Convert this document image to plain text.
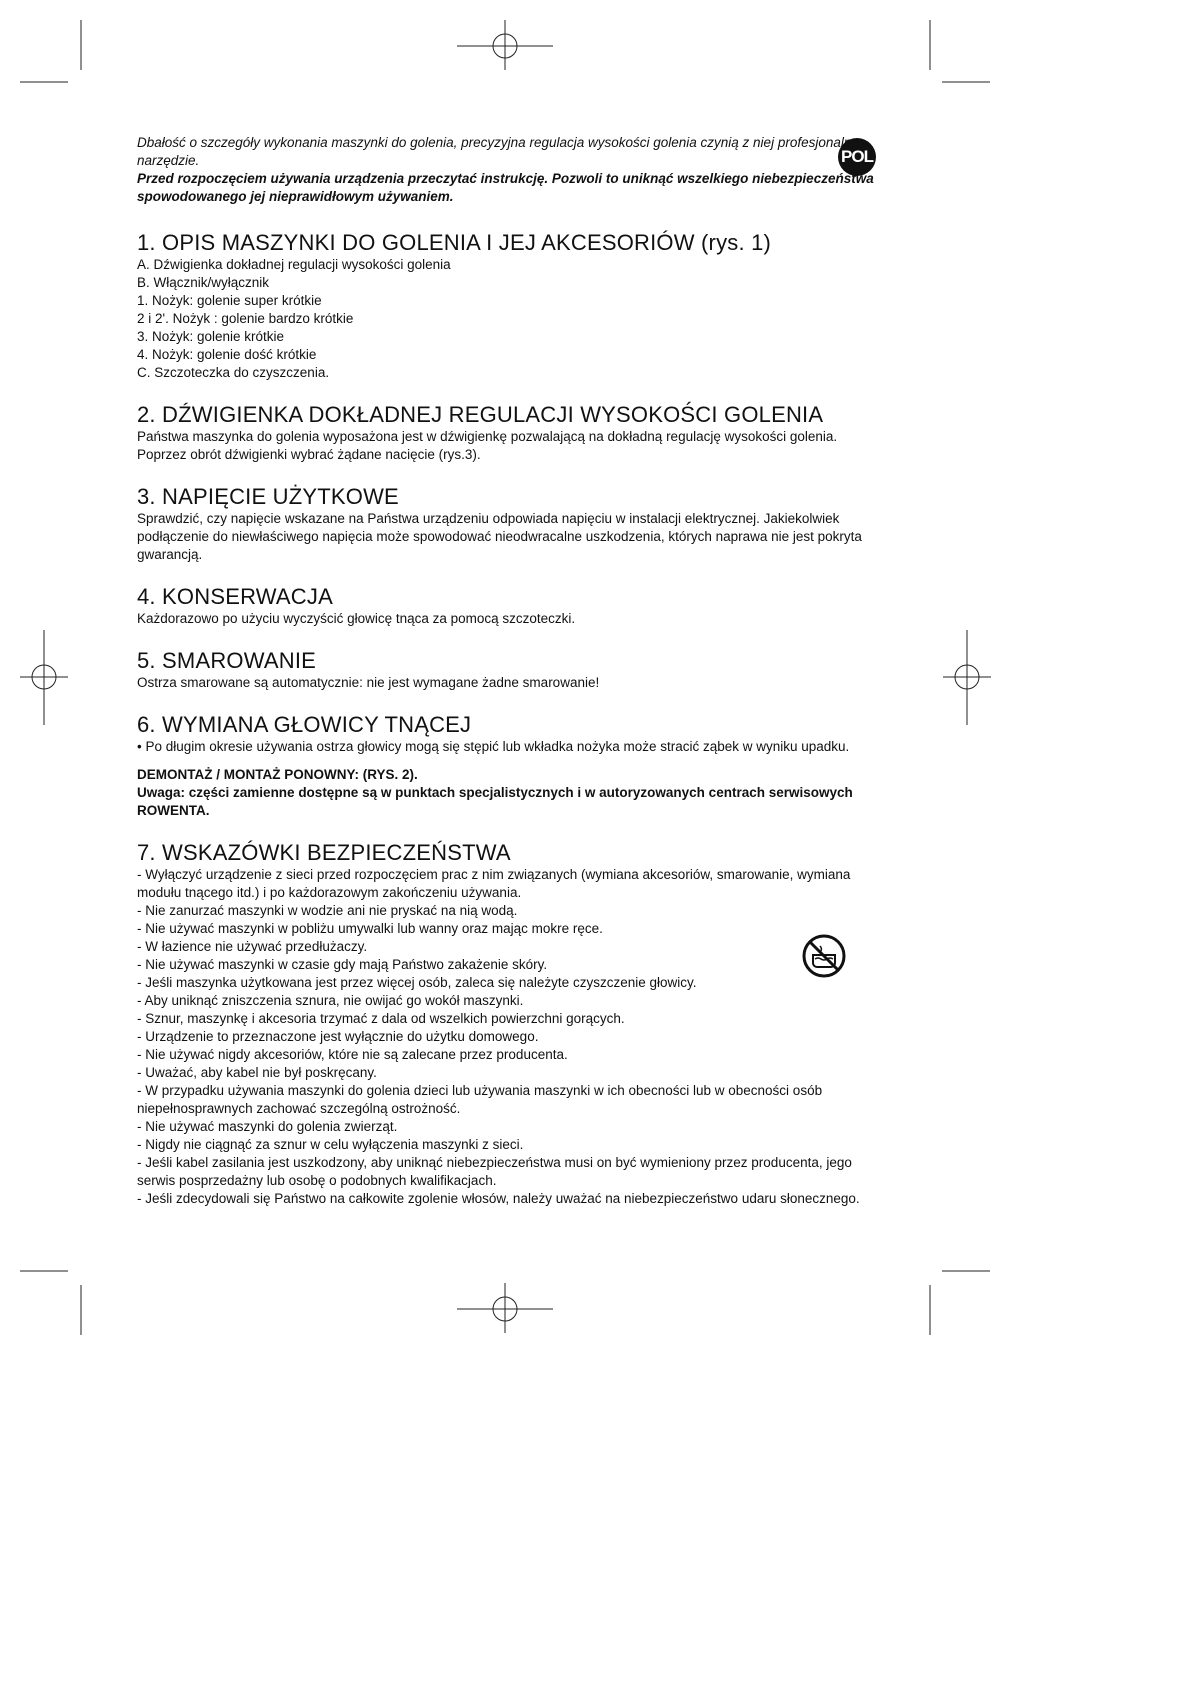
POL

Dbałość o szczegóły wykonania maszynki do golenia, precyzyjna regulacja wysokości golenia czynią z niej profesjonalne narzędzie.

Przed rozpoczęciem używania urządzenia przeczytać instrukcję. Pozwoli to uniknąć wszelkiego niebezpieczeństwa spowodowanego jej nieprawidłowym używaniem.

1. OPIS MASZYNKI DO GOLENIA I JEJ AKCESORIÓW (rys. 1)
A. Dźwigienka dokładnej regulacji wysokości golenia
B. Włącznik/wyłącznik
1. Nożyk: golenie super krótkie
2 i 2'. Nożyk : golenie bardzo krótkie
3. Nożyk: golenie krótkie
4. Nożyk: golenie dość krótkie
C. Szczoteczka do czyszczenia.
2. DŹWIGIENKA DOKŁADNEJ REGULACJI WYSOKOŚCI GOLENIA

Państwa maszynka do golenia wyposażona jest w dźwigienkę pozwalającą na dokładną regulację wysokości golenia. Poprzez obrót dźwigienki wybrać żądane nacięcie (rys.3).

3. NAPIĘCIE UŻYTKOWE

Sprawdzić, czy napięcie wskazane na Państwa urządzeniu odpowiada napięciu w instalacji elektrycznej. Jakiekolwiek podłączenie do niewłaściwego napięcia może spowodować nieodwracalne uszkodzenia, których naprawa nie jest pokryta gwarancją.

4. KONSERWACJA

Każdorazowo po użyciu wyczyścić głowicę tnąca za pomocą szczoteczki.

5. SMAROWANIE

Ostrza smarowane są automatycznie: nie jest wymagane żadne smarowanie!

6. WYMIANA GŁOWICY TNĄCEJ

• Po długim okresie używania ostrza głowicy mogą się stępić lub wkładka nożyka może stracić ząbek w wyniku upadku.

DEMONTAŻ / MONTAŻ PONOWNY: (RYS. 2).

Uwaga: części zamienne dostępne są w punktach specjalistycznych i w autoryzowanych centrach serwisowych ROWENTA.

7. WSKAZÓWKI BEZPIECZEŃSTWA
- Wyłączyć urządzenie z sieci przed rozpoczęciem prac z nim związanych (wymiana akcesoriów, smarowanie, wymiana modułu tnącego itd.) i po każdorazowym zakończeniu używania.
- Nie zanurzać maszynki w wodzie ani nie pryskać na nią wodą.
- Nie używać maszynki w pobliżu umywalki lub wanny oraz mając mokre ręce.
- W łazience nie używać przedłużaczy.
- Nie używać maszynki w czasie gdy mają Państwo zakażenie skóry.
- Jeśli maszynka użytkowana jest przez więcej osób, zaleca się należyte czyszczenie głowicy.
- Aby uniknąć zniszczenia sznura, nie owijać go wokół maszynki.
- Sznur, maszynkę i akcesoria trzymać z dala od wszelkich powierzchni gorących.
- Urządzenie to przeznaczone jest wyłącznie do użytku domowego.
- Nie używać nigdy akcesoriów, które nie są zalecane przez producenta.
- Uważać, aby kabel nie był poskręcany.
- W przypadku używania maszynki do golenia dzieci lub używania maszynki w ich obecności lub w obecności osób niepełnosprawnych zachować szczególną ostrożność.
- Nie używać maszynki do golenia zwierząt.
- Nigdy nie ciągnąć za sznur w celu wyłączenia maszynki z sieci.
- Jeśli kabel zasilania jest uszkodzony, aby uniknąć niebezpieczeństwa musi on być wymieniony przez producenta, jego serwis posprzedażny lub osobę o podobnych kwalifikacjach.
- Jeśli zdecydowali się Państwo na całkowite zgolenie włosów, należy uważać na niebezpieczeństwo udaru słonecznego.
